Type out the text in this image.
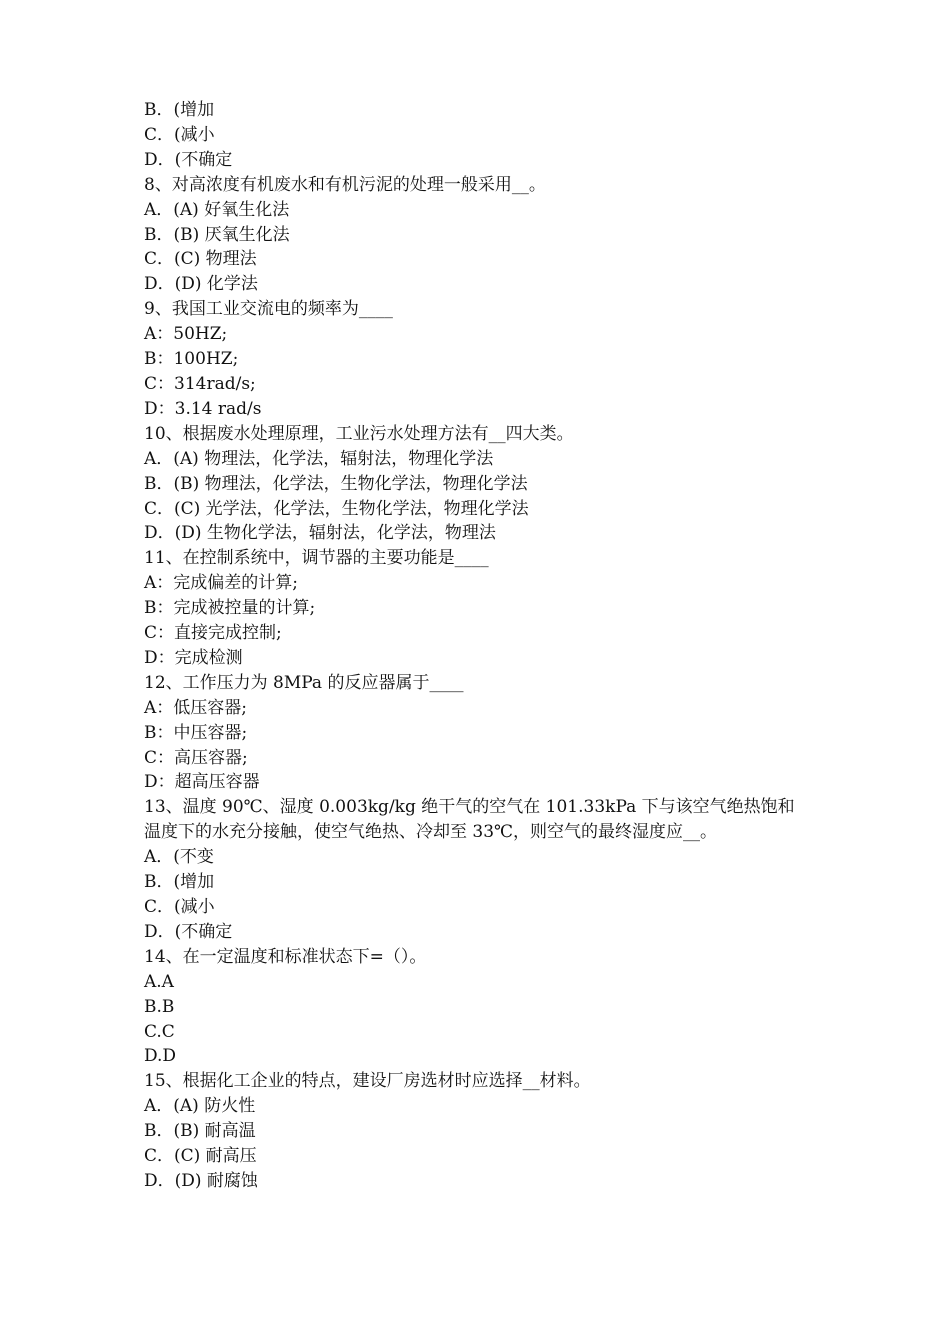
B．(增加
C．(减小
D．(不确定
8、对高浓度有机废水和有机污泥的处理一般采用__。
A．(A) 好氧生化法
B．(B) 厌氧生化法
C．(C) 物理法
D．(D) 化学法
9、我国工业交流电的频率为____
A：50HZ;
B：100HZ;
C：314rad/s;
D：3.14 rad/s
10、根据废水处理原理，工业污水处理方法有__四大类。
A．(A) 物理法，化学法，辐射法，物理化学法
B．(B) 物理法，化学法，生物化学法，物理化学法
C．(C) 光学法，化学法，生物化学法，物理化学法
D．(D) 生物化学法，辐射法，化学法，物理法
11、在控制系统中，调节器的主要功能是____
A：完成偏差的计算;
B：完成被控量的计算;
C：直接完成控制;
D：完成检测
12、工作压力为 8MPa 的反应器属于____
A：低压容器;
B：中压容器;
C：高压容器;
D：超高压容器
13、温度 90℃、湿度 0.003kg/kg 绝干气的空气在 101.33kPa 下与该空气绝热饱和
温度下的水充分接触，使空气绝热、冷却至 33℃，则空气的最终湿度应__。
A．(不变
B．(增加
C．(减小
D．(不确定
14、在一定温度和标准状态下=（）。
A.A
B.B
C.C
D.D
15、根据化工企业的特点，建设厂房选材时应选择__材料。
A．(A) 防火性
B．(B) 耐高温
C．(C) 耐高压
D．(D) 耐腐蚀
